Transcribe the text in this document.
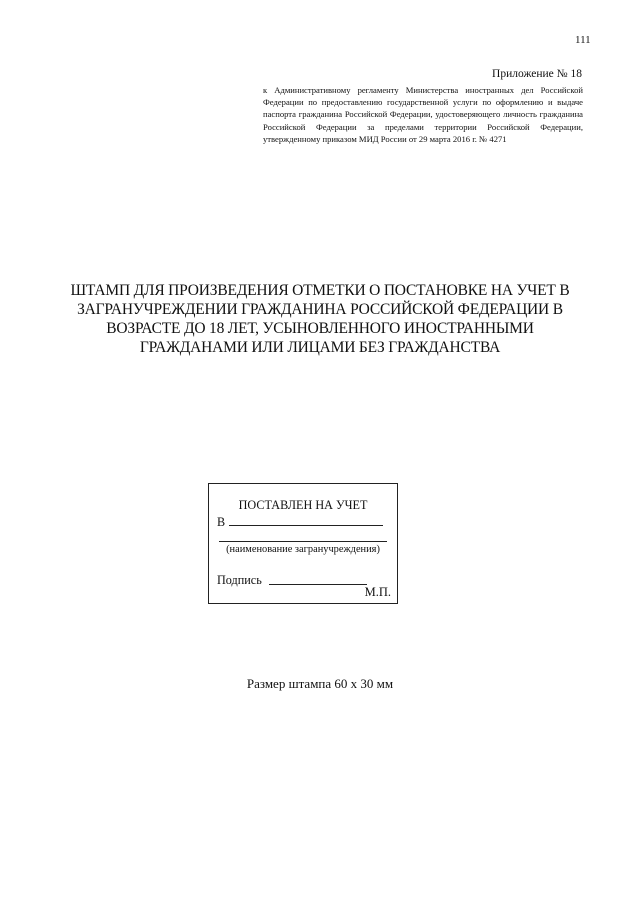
111
Приложение № 18
к Административному регламенту Министерства иностранных дел Российской Федерации по предоставлению государственной услуги по оформлению и выдаче паспорта гражданина Российской Федерации, удостоверяющего личность гражданина Российской Федерации за пределами территории Российской Федерации, утвержденному приказом МИД России от 29 марта 2016 г. № 4271
ШТАМП ДЛЯ ПРОИЗВЕДЕНИЯ ОТМЕТКИ О ПОСТАНОВКЕ НА УЧЕТ В ЗАГРАНУЧРЕЖДЕНИИ ГРАЖДАНИНА РОССИЙСКОЙ ФЕДЕРАЦИИ В ВОЗРАСТЕ ДО 18 ЛЕТ, УСЫНОВЛЕННОГО ИНОСТРАННЫМИ ГРАЖДАНАМИ ИЛИ ЛИЦАМИ БЕЗ ГРАЖДАНСТВА
ПОСТАВЛЕН НА УЧЕТ
В
(наименование загранучреждения)
Подпись
М.П.
Размер штампа 60 х 30 мм
